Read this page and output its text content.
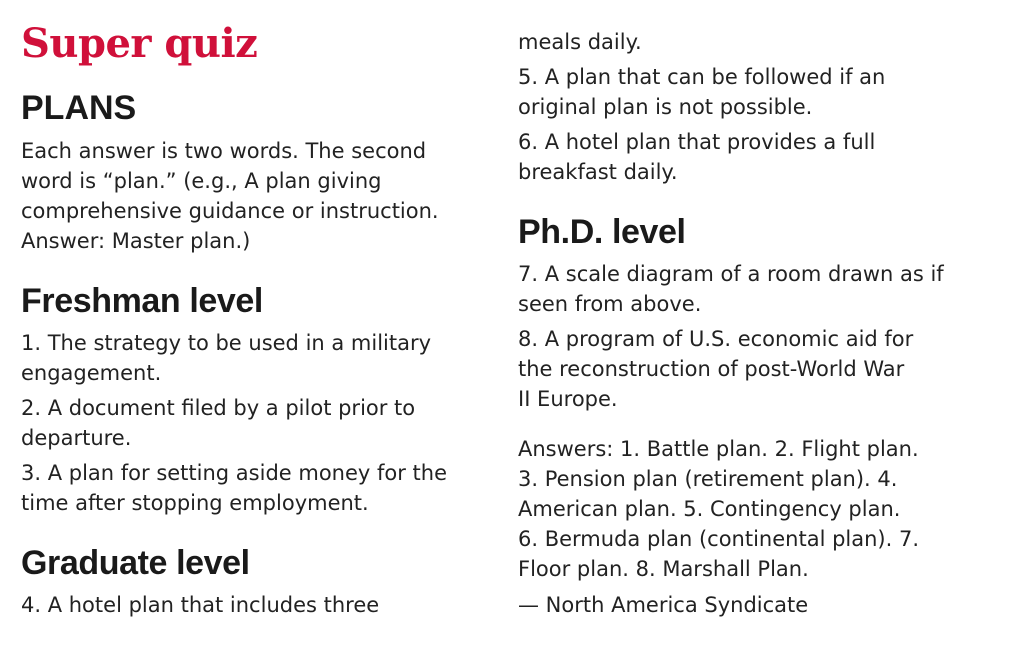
Super quiz
PLANS

Each answer is two words. The second

word is “plan.” (e.g., A plan giving

comprehensive guidance or instruction.

Answer: Master plan.)

Freshman level

1. The strategy to be used in a military

engagement.

2. A document filed by a pilot prior to

departure.

3. A plan for setting aside money for the

time after stopping employment.

Graduate level

4. A hotel plan that includes three

meals daily.

5. A plan that can be followed if an

original plan is not possible.

6. A hotel plan that provides a full

breakfast daily.

Ph.D. level

7. A scale diagram of a room drawn as if

seen from above.

8. A program of U.S. economic aid for

the reconstruction of post-World War

II Europe.

Answers: 1. Battle plan. 2. Flight plan.

3. Pension plan (retirement plan). 4.

American plan. 5. Contingency plan.

6. Bermuda plan (continental plan). 7.

Floor plan. 8. Marshall Plan.

— North America Syndicate
